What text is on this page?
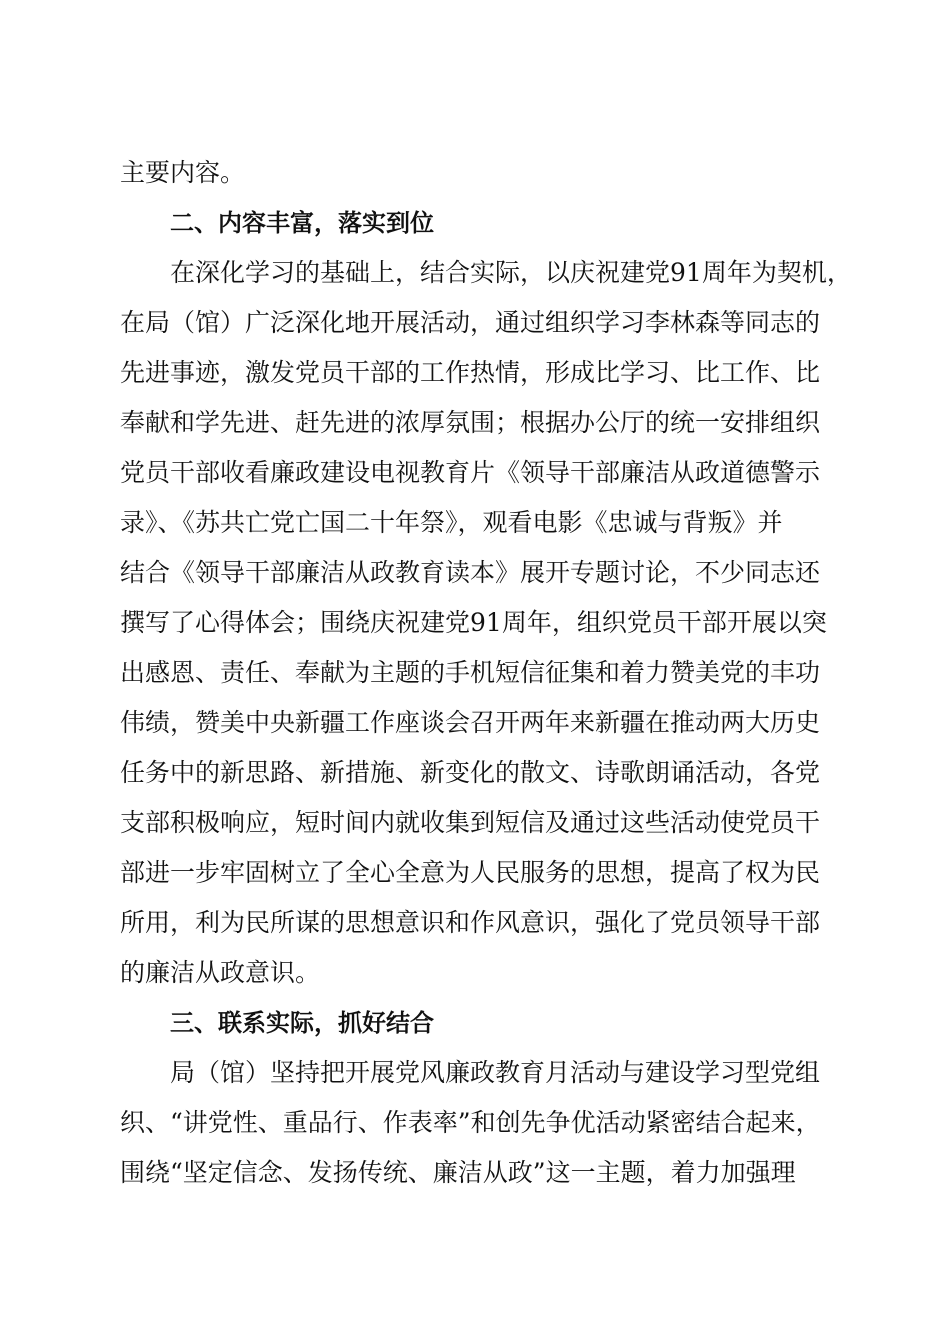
主要内容。
二、内容丰富，落实到位
在深化学习的基础上，结合实际，以庆祝建党91周年为契机，
在局（馆）广泛深化地开展活动，通过组织学习李林森等同志的
先进事迹，激发党员干部的工作热情，形成比学习、比工作、比
奉献和学先进、赶先进的浓厚氛围；根据办公厅的统一安排组织
党员干部收看廉政建设电视教育片《领导干部廉洁从政道德警示
录》、《苏共亡党亡国二十年祭》，观看电影《忠诚与背叛》并
结合《领导干部廉洁从政教育读本》展开专题讨论，不少同志还
撰写了心得体会；围绕庆祝建党91周年，组织党员干部开展以突
出感恩、责任、奉献为主题的手机短信征集和着力赞美党的丰功
伟绩，赞美中央新疆工作座谈会召开两年来新疆在推动两大历史
任务中的新思路、新措施、新变化的散文、诗歌朗诵活动，各党
支部积极响应，短时间内就收集到短信及通过这些活动使党员干
部进一步牢固树立了全心全意为人民服务的思想，提高了权为民
所用，利为民所谋的思想意识和作风意识，强化了党员领导干部
的廉洁从政意识。
三、联系实际，抓好结合
局（馆）坚持把开展党风廉政教育月活动与建设学习型党组
织、“讲党性、重品行、作表率”和创先争优活动紧密结合起来，
围绕“坚定信念、发扬传统、廉洁从政”这一主题，着力加强理
